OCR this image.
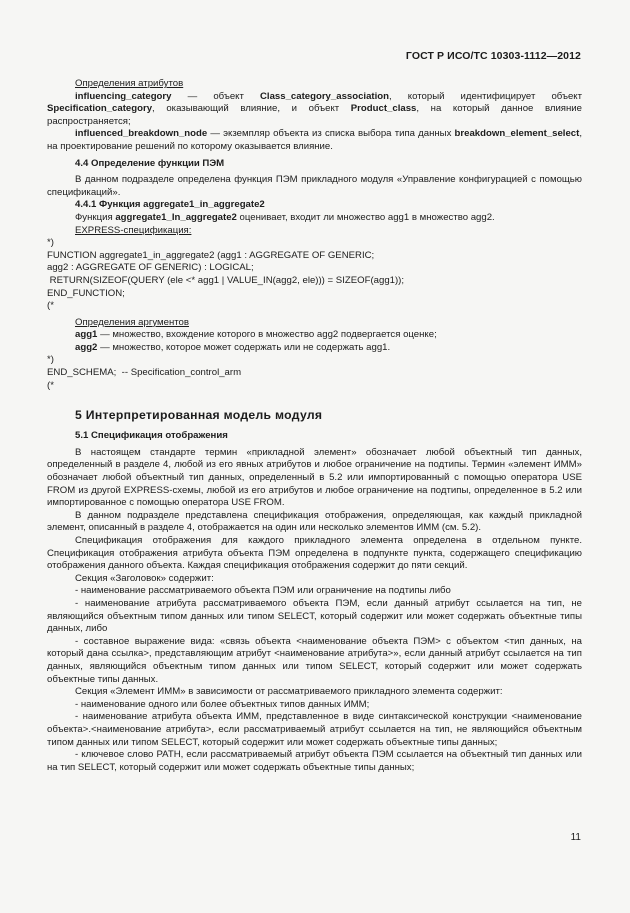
ГОСТ Р ИСО/ТС 10303-1112—2012

Определения атрибутов

influencing_category — объект Class_category_association, который идентифицирует объект Specification_category, оказывающий влияние, и объект Product_class, на который данное влияние распространяется;

influenced_breakdown_node — экземпляр объекта из списка выбора типа данных breakdown_element_select, на проектирование решений по которому оказывается влияние.

4.4 Определение функции ПЭМ

В данном подразделе определена функция ПЭМ прикладного модуля «Управление конфигурацией с помощью спецификаций».

4.4.1 Функция aggregate1_in_aggregate2

Функция aggregate1_In_aggregate2 оценивает, входит ли множество agg1 в множество agg2.

EXPRESS-спецификация:

*)

FUNCTION aggregate1_in_aggregate2 (agg1 : AGGREGATE OF GENERIC;

agg2 : AGGREGATE OF GENERIC) : LOGICAL;

RETURN(SIZEOF(QUERY (ele <* agg1 | VALUE_IN(agg2, ele))) = SIZEOF(agg1));

END_FUNCTION;

(*

Определения аргументов

agg1 — множество, вхождение которого в множество agg2 подвергается оценке;

agg2 — множество, которое может содержать или не содержать agg1.

*)

END_SCHEMA;  -- Specification_control_arm

(*

5 Интерпретированная модель модуля

5.1 Спецификация отображения

В настоящем стандарте термин «прикладной элемент» обозначает любой объектный тип данных, определенный в разделе 4, любой из его явных атрибутов и любое ограничение на подтипы. Термин «элемент ИММ» обозначает любой объектный тип данных, определенный в 5.2 или импортированный с помощью оператора USE FROM из другой EXPRESS-схемы, любой из его атрибутов и любое ограничение на подтипы, определенное в 5.2 или импортированное с помощью оператора USE FROM.

В данном подразделе представлена спецификация отображения, определяющая, как каждый прикладной элемент, описанный в разделе 4, отображается на один или несколько элементов ИММ (см. 5.2).

Спецификация отображения для каждого прикладного элемента определена в отдельном пункте. Спецификация отображения атрибута объекта ПЭМ определена в подпункте пункта, содержащего спецификацию отображения данного объекта. Каждая спецификация отображения содержит до пяти секций.

Секция «Заголовок» содержит:

- наименование рассматриваемого объекта ПЭМ или ограничение на подтипы либо

- наименование атрибута рассматриваемого объекта ПЭМ, если данный атрибут ссылается на тип, не являющийся объектным типом данных или типом SELECT, который содержит или может содержать объектные типы данных, либо

- составное выражение вида: «связь объекта <наименование объекта ПЭМ> с объектом <тип данных, на который дана ссылка>, представляющим атрибут <наименование атрибута>», если данный атрибут ссылается на тип данных, являющийся объектным типом данных или типом SELECT, который содержит или может содержать объектные типы данных.

Секция «Элемент ИММ» в зависимости от рассматриваемого прикладного элемента содержит:

- наименование одного или более объектных типов данных ИММ;

- наименование атрибута объекта ИММ, представленное в виде синтаксической конструкции <наименование объекта>.<наименование атрибута>, если рассматриваемый атрибут ссылается на тип, не являющийся объектным типом данных или типом SELECT, который содержит или может содержать объектные типы данных;

- ключевое слово PATH, если рассматриваемый атрибут объекта ПЭМ ссылается на объектный тип данных или на тип SELECT, который содержит или может содержать объектные типы данных;

11
